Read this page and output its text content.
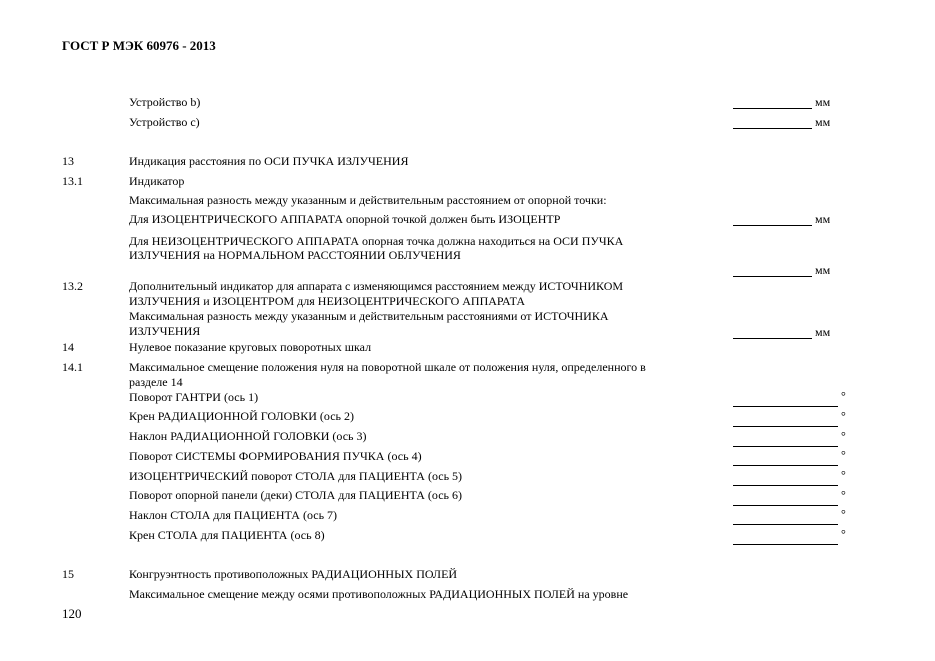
ГОСТ Р МЭК 60976 - 2013
Устройство b)	мм
Устройство c)	мм
13	Индикация расстояния по ОСИ ПУЧКА ИЗЛУЧЕНИЯ
13.1	Индикатор
Максимальная разность между указанным и действительным расстоянием от опорной точки:
Для ИЗОЦЕНТРИЧЕСКОГО АППАРАТА опорной точкой должен быть ИЗОЦЕНТР	мм
Для НЕИЗОЦЕНТРИЧЕСКОГО АППАРАТА опорная точка должна находиться на ОСИ ПУЧКА
ИЗЛУЧЕНИЯ на НОРМАЛЬНОМ РАССТОЯНИИ ОБЛУЧЕНИЯ
мм
13.2	Дополнительный индикатор для аппарата с изменяющимся расстоянием между ИСТОЧНИКОМ
ИЗЛУЧЕНИЯ и ИЗОЦЕНТРОМ для НЕИЗОЦЕНТРИЧЕСКОГО АППАРАТА
Максимальная разность между указанным и действительным расстояниями от ИСТОЧНИКА
ИЗЛУЧЕНИЯ	мм
14	Нулевое показание круговых поворотных шкал
14.1	Максимальное смещение положения нуля на поворотной шкале от положения нуля, определенного в
разделе 14
Поворот ГАНТРИ (ось 1)	°
Крен РАДИАЦИОННОЙ ГОЛОВКИ (ось 2)	°
Наклон РАДИАЦИОННОЙ ГОЛОВКИ (ось 3)	°
Поворот СИСТЕМЫ ФОРМИРОВАНИЯ ПУЧКА (ось 4)	°
ИЗОЦЕНТРИЧЕСКИЙ поворот СТОЛА для ПАЦИЕНТА (ось 5)	°
Поворот опорной панели (деки) СТОЛА для ПАЦИЕНТА (ось 6)	°
Наклон СТОЛА для ПАЦИЕНТА (ось 7)	°
Крен СТОЛА для ПАЦИЕНТА (ось 8)	°
15	Конгруэнтность противоположных РАДИАЦИОННЫХ ПОЛЕЙ
Максимальное смещение между осями противоположных РАДИАЦИОННЫХ ПОЛЕЙ на уровне
120
